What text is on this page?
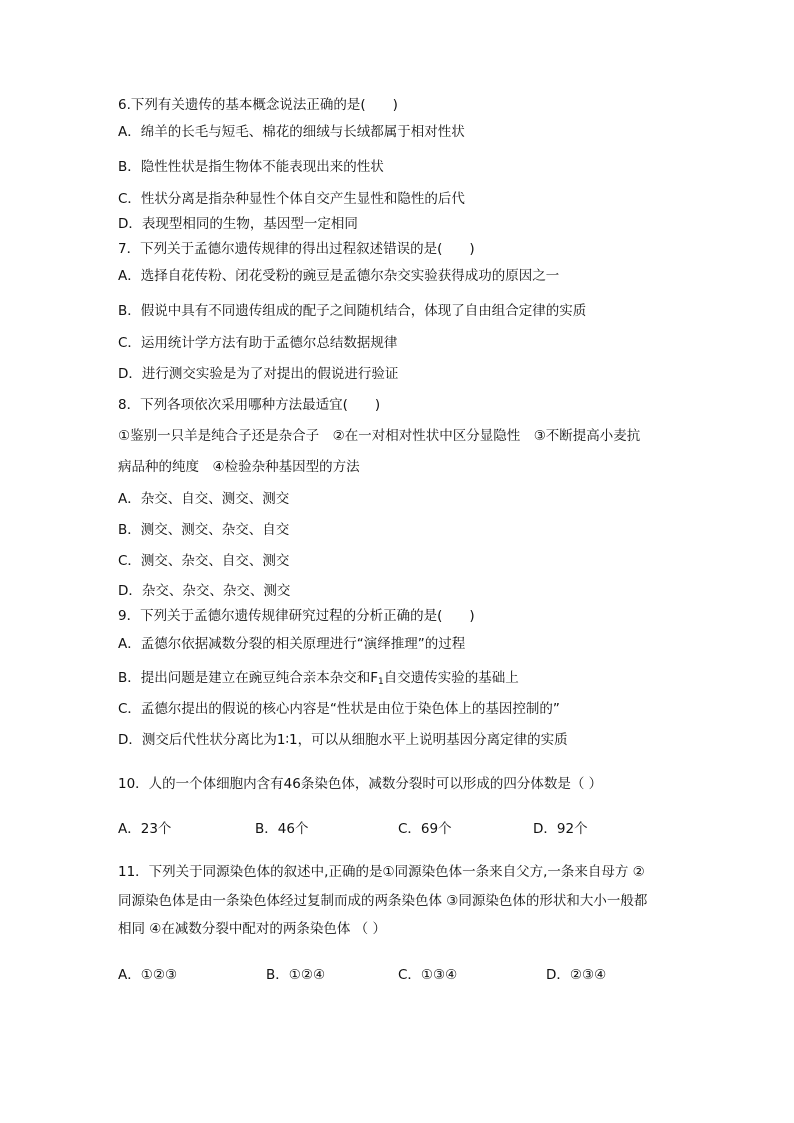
6.下列有关遗传的基本概念说法正确的是(　　)
A．绵羊的长毛与短毛、棉花的细绒与长绒都属于相对性状
B．隐性性状是指生物体不能表现出来的性状
C．性状分离是指杂种显性个体自交产生显性和隐性的后代
D．表现型相同的生物，基因型一定相同
7．下列关于孟德尔遗传规律的得出过程叙述错误的是(　　)
A．选择自花传粉、闭花受粉的豌豆是孟德尔杂交实验获得成功的原因之一
B．假说中具有不同遗传组成的配子之间随机结合，体现了自由组合定律的实质
C．运用统计学方法有助于孟德尔总结数据规律
D．进行测交实验是为了对提出的假说进行验证
8．下列各项依次采用哪种方法最适宜(　　)
①鉴别一只羊是纯合子还是杂合子　②在一对相对性状中区分显隐性　③不断提高小麦抗
病品种的纯度　④检验杂种基因型的方法
A．杂交、自交、测交、测交
B．测交、测交、杂交、自交
C．测交、杂交、自交、测交
D．杂交、杂交、杂交、测交
9．下列关于孟德尔遗传规律研究过程的分析正确的是(　　)
A．孟德尔依据减数分裂的相关原理进行“演绎推理”的过程
B．提出问题是建立在豌豆纯合亲本杂交和$F_1$自交遗传实验的基础上
C．孟德尔提出的假说的核心内容是“性状是由位于染色体上的基因控制的”
D．测交后代性状分离比为1∶1，可以从细胞水平上说明基因分离定律的实质
10．人的一个体细胞内含有46条染色体，减数分裂时可以形成的四分体数是（ ）
A．23个	B．46个	C．69个	D．92个
11．下列关于同源染色体的叙述中,正确的是①同源染色体一条来自父方,一条来自母方 ②
同源染色体是由一条染色体经过复制而成的两条染色体 ③同源染色体的形状和大小一般都
相同 ④在减数分裂中配对的两条染色体 （ ）
A．①②③	B．①②④	C．①③④	D．②③④
